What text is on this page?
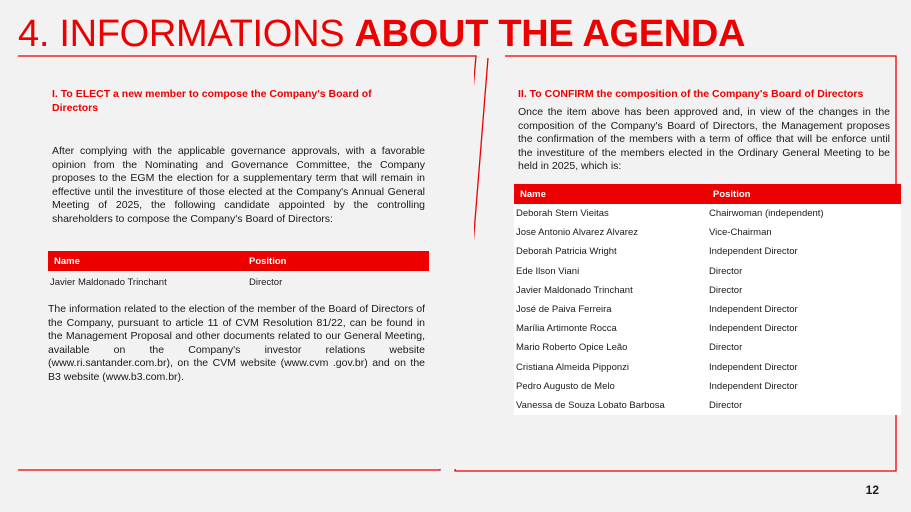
4. INFORMATIONS ABOUT THE AGENDA
I. To ELECT a new member to compose the Company's Board of Directors
After complying with the applicable governance approvals, with a favorable opinion from the Nominating and Governance Committee, the Company proposes to the EGM the election for a supplementary term that will remain in effective until the investiture of those elected at the Company's Annual General Meeting of 2025, the following candidate appointed by the controlling shareholders to compose the Company's Board of Directors:
Name	Position
Javier Maldonado Trinchant	Director
The information related to the election of the member of the Board of Directors of the Company, pursuant to article 11 of CVM Resolution 81/22, can be found in the Management Proposal and other documents related to our General Meeting, available on the Company's investor relations website (www.ri.santander.com.br), on the CVM website (www.cvm .gov.br) and on the B3 website (www.b3.com.br).
II. To CONFIRM the composition of the Company's Board of Directors
Once the item above has been approved and, in view of the changes in the composition of the Company's Board of Directors, the Management proposes the confirmation of the members with a term of office that will be enforce until the investiture of the members elected in the Ordinary General Meeting to be held in 2025, which is:
Name	Position
Deborah Stern Vieitas	Chairwoman (independent)
Jose Antonio Alvarez Alvarez	Vice-Chairman
Deborah Patricia Wright	Independent Director
Ede Ilson Viani	Director
Javier Maldonado Trinchant	Director
José de Paiva Ferreira	Independent Director
Marília Artimonte Rocca	Independent Director
Mario Roberto Opice Leão	Director
Cristiana Almeida Pipponzi	Independent Director
Pedro Augusto de Melo	Independent Director
Vanessa de Souza Lobato Barbosa	Director
12
